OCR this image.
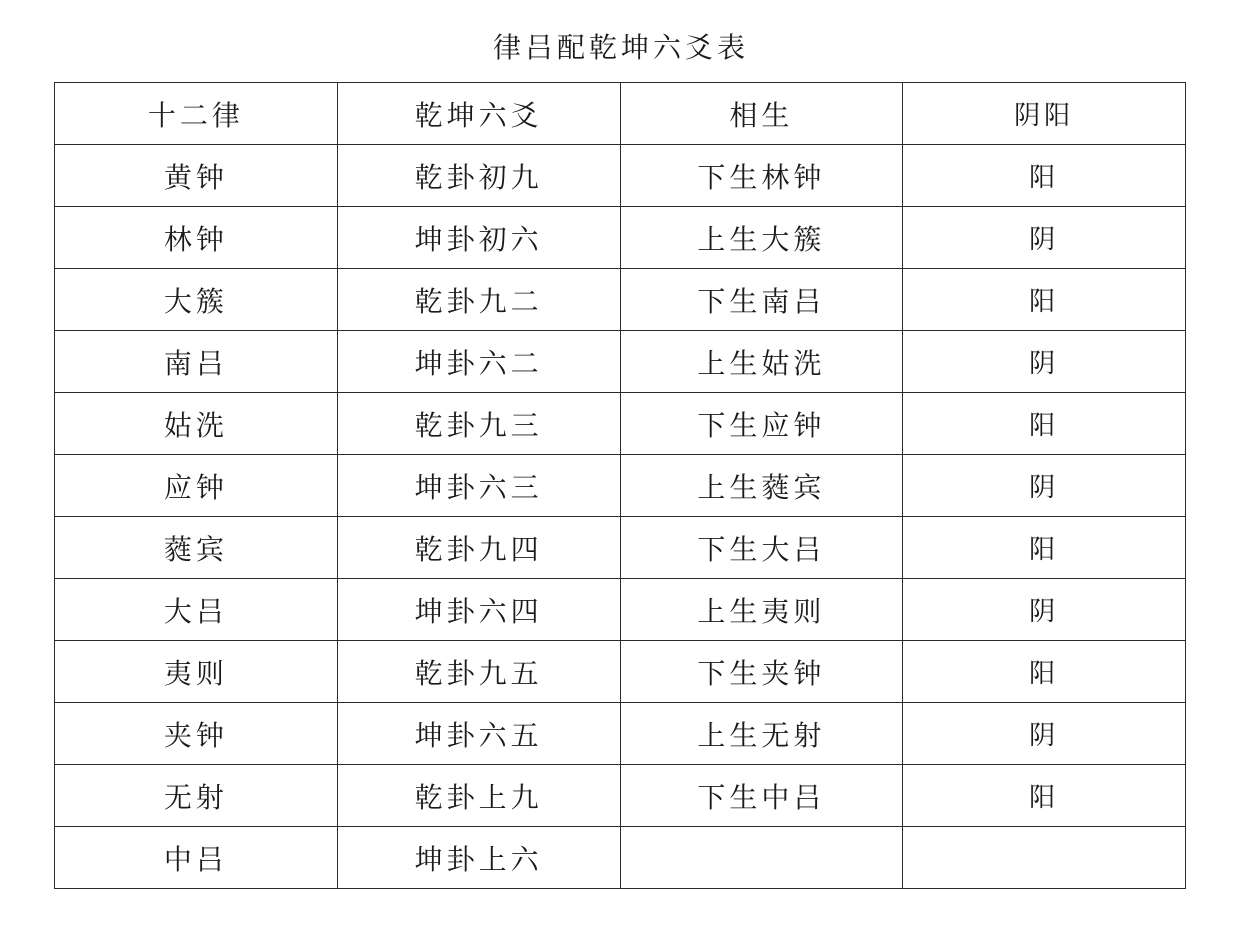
律吕配乾坤六爻表
十二律	乾坤六爻	相生	阴阳
黄钟	乾卦初九	下生林钟	阳
林钟	坤卦初六	上生大簇	阴
大簇	乾卦九二	下生南吕	阳
南吕	坤卦六二	上生姑洗	阴
姑洗	乾卦九三	下生应钟	阳
应钟	坤卦六三	上生蕤宾	阴
蕤宾	乾卦九四	下生大吕	阳
大吕	坤卦六四	上生夷则	阴
夷则	乾卦九五	下生夹钟	阳
夹钟	坤卦六五	上生无射	阴
无射	乾卦上九	下生中吕	阳
中吕	坤卦上六		
